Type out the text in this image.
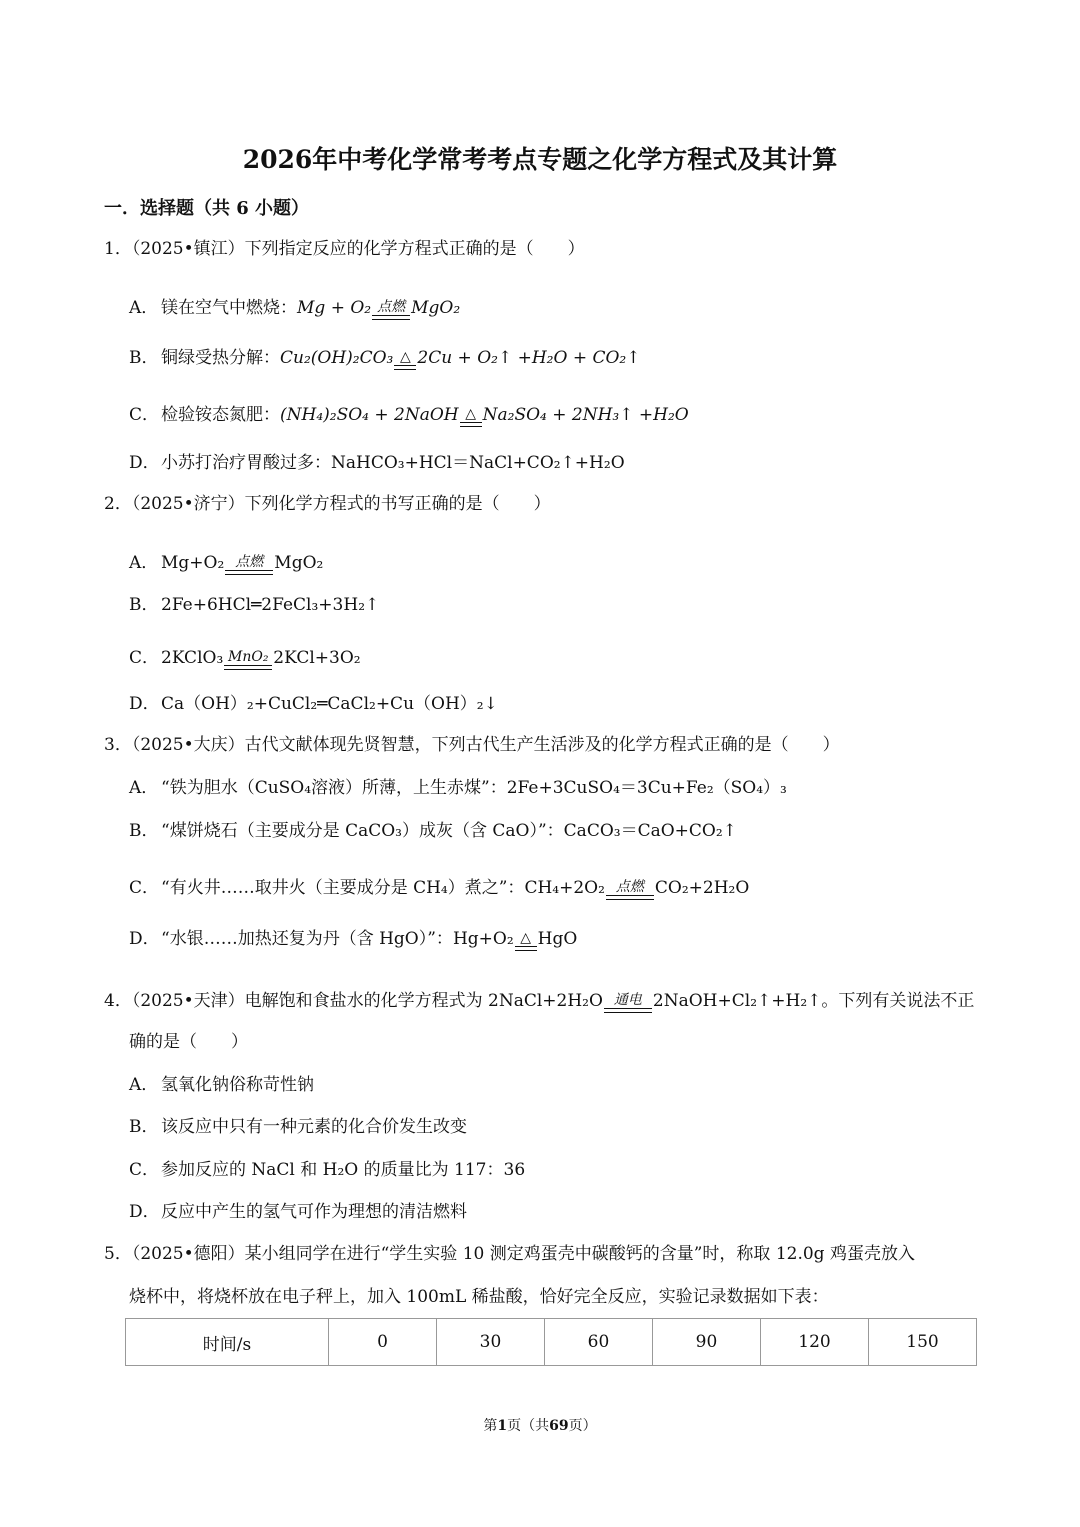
2026年中考化学常考考点专题之化学方程式及其计算
一．选择题（共 6 小题）
1．（2025•镇江）下列指定反应的化学方程式正确的是（　　）
A． 镁在空气中燃烧：Mg + O₂ 点燃 MgO₂
B． 铜绿受热分解：Cu₂(OH)₂CO₃ △ 2Cu + O₂↑ +H₂O + CO₂↑
C． 检验铵态氮肥：(NH₄)₂SO₄ + 2NaOH △ Na₂SO₄ + 2NH₃↑ +H₂O
D．小苏打治疗胃酸过多：NaHCO₃+HCl＝NaCl+CO₂↑+H₂O
2．（2025•济宁）下列化学方程式的书写正确的是（　　）
A． Mg+O₂ 点燃 MgO₂
B． 2Fe+6HCl═2FeCl₃+3H₂↑
C． 2KClO₃ MnO₂ 2KCl+3O₂
D．Ca（OH）₂+CuCl₂═CaCl₂+Cu（OH）₂↓
3．（2025•大庆）古代文献体现先贤智慧，下列古代生产生活涉及的化学方程式正确的是（　　）
A． “铁为胆水（CuSO₄溶液）所薄，上生赤煤”：2Fe+3CuSO₄＝3Cu+Fe₂（SO₄）₃
B． “煤饼烧石（主要成分是 CaCO₃）成灰（含 CaO）”：CaCO₃＝CaO+CO₂↑
C． “有火井……取井火（主要成分是 CH₄）煮之”：CH₄+2O₂ 点燃 CO₂+2H₂O
D．“水银……加热还复为丹（含 HgO）”：Hg+O₂ △ HgO
4．（2025•天津）电解饱和食盐水的化学方程式为 2NaCl+2H₂O 通电 2NaOH+Cl₂↑+H₂↑。下列有关说法不正
确的是（　　）
A． 氢氧化钠俗称苛性钠
B． 该反应中只有一种元素的化合价发生改变
C． 参加反应的 NaCl 和 H₂O 的质量比为 117：36
D．反应中产生的氢气可作为理想的清洁燃料
5．（2025•德阳）某小组同学在进行“学生实验 10 测定鸡蛋壳中碳酸钙的含量”时，称取 12.0g 鸡蛋壳放入
烧杯中，将烧杯放在电子秤上，加入 100mL 稀盐酸，恰好完全反应，实验记录数据如下表：
时间/s	0	30	60	90	120	150
第1页（共69页）
